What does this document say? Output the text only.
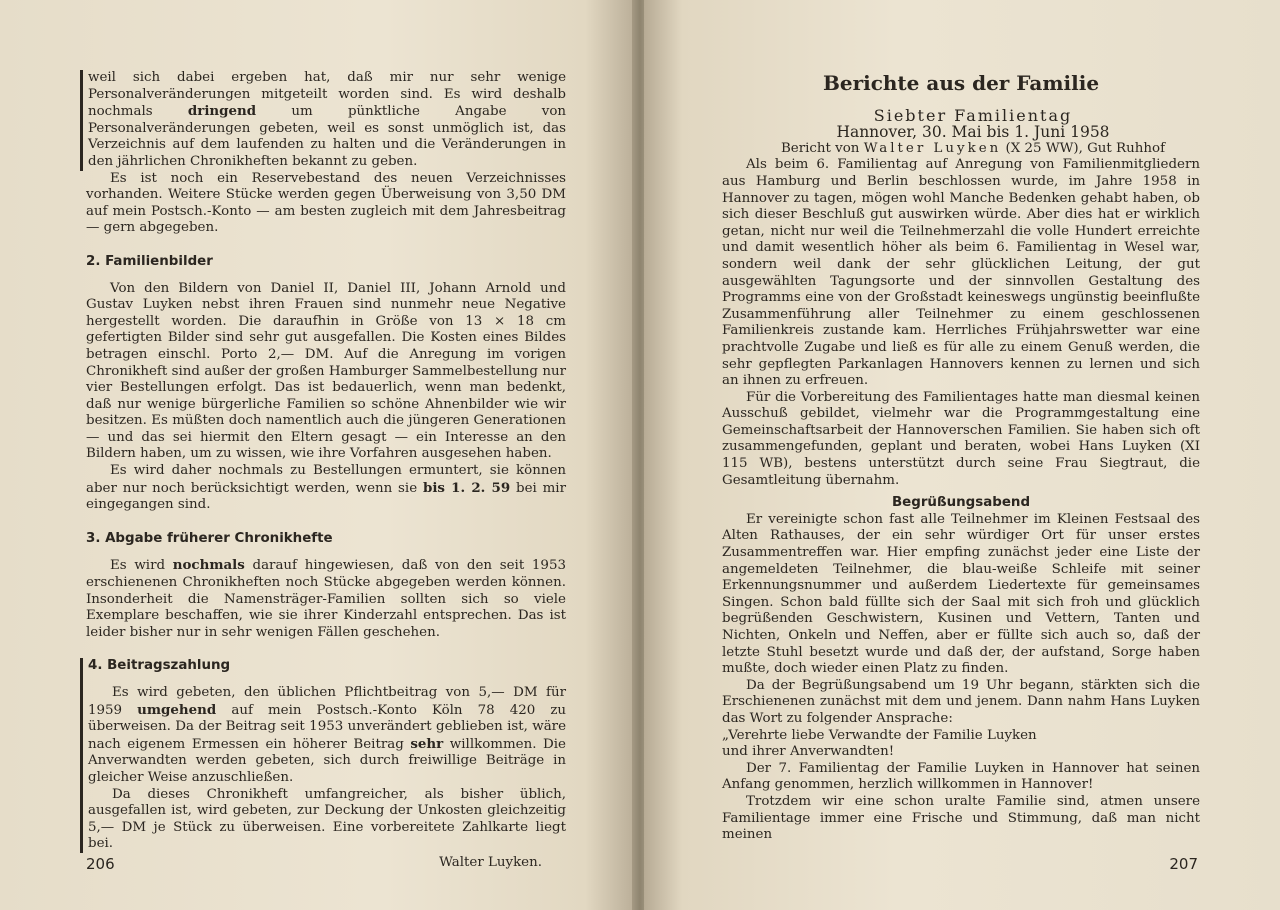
weil sich dabei ergeben hat, daß mir nur sehr wenige Personalveränderungen mitgeteilt worden sind. Es wird deshalb nochmals dringend um pünktliche Angabe von Personalveränderungen gebeten, weil es sonst unmöglich ist, das Verzeichnis auf dem laufenden zu halten und die Veränderungen in den jährlichen Chronikheften bekannt zu geben.

Es ist noch ein Reservebestand des neuen Verzeichnisses vorhanden. Weitere Stücke werden gegen Überweisung von 3,50 DM auf mein Postsch.-Konto — am besten zugleich mit dem Jahresbeitrag — gern abgegeben.

2. Familienbilder

Von den Bildern von Daniel II, Daniel III, Johann Arnold und Gustav Luyken nebst ihren Frauen sind nunmehr neue Negative hergestellt worden. Die daraufhin in Größe von 13 × 18 cm gefertigten Bilder sind sehr gut ausgefallen. Die Kosten eines Bildes betragen einschl. Porto 2,— DM. Auf die Anregung im vorigen Chronikheft sind außer der großen Hamburger Sammelbestellung nur vier Bestellungen erfolgt. Das ist bedauerlich, wenn man bedenkt, daß nur wenige bürgerliche Familien so schöne Ahnenbilder wie wir besitzen. Es müßten doch namentlich auch die jüngeren Generationen — und das sei hiermit den Eltern gesagt — ein Interesse an den Bildern haben, um zu wissen, wie ihre Vorfahren ausgesehen haben.

Es wird daher nochmals zu Bestellungen ermuntert, sie können aber nur noch berücksichtigt werden, wenn sie bis 1. 2. 59 bei mir eingegangen sind.

3. Abgabe früherer Chronikhefte

Es wird nochmals darauf hingewiesen, daß von den seit 1953 erschienenen Chronikheften noch Stücke abgegeben werden können. Insonderheit die Namensträger-Familien sollten sich so viele Exemplare beschaffen, wie sie ihrer Kinderzahl entsprechen. Das ist leider bisher nur in sehr wenigen Fällen geschehen.

4. Beitragszahlung

Es wird gebeten, den üblichen Pflichtbeitrag von 5,— DM für 1959 umgehend auf mein Postsch.-Konto Köln 78 420 zu überweisen. Da der Beitrag seit 1953 unverändert geblieben ist, wäre nach eigenem Ermessen ein höherer Beitrag sehr willkommen. Die Anverwandten werden gebeten, sich durch freiwillige Beiträge in gleicher Weise anzuschließen.

Da dieses Chronikheft umfangreicher, als bisher üblich, ausgefallen ist, wird gebeten, zur Deckung der Unkosten gleichzeitig 5,— DM je Stück zu überweisen. Eine vorbereitete Zahlkarte liegt bei.

Walter Luyken.
206
Berichte aus der Familie

Siebter Familientag

Hannover, 30. Mai bis 1. Juni 1958

Bericht von Walter Luyken (X 25 WW), Gut Ruhhof

Als beim 6. Familientag auf Anregung von Familienmitgliedern aus Hamburg und Berlin beschlossen wurde, im Jahre 1958 in Hannover zu tagen, mögen wohl Manche Bedenken gehabt haben, ob sich dieser Beschluß gut auswirken würde. Aber dies hat er wirklich getan, nicht nur weil die Teilnehmerzahl die volle Hundert erreichte und damit wesentlich höher als beim 6. Familientag in Wesel war, sondern weil dank der sehr glücklichen Leitung, der gut ausgewählten Tagungsorte und der sinnvollen Gestaltung des Programms eine von der Großstadt keineswegs ungünstig beeinflußte Zusammenführung aller Teilnehmer zu einem geschlossenen Familienkreis zustande kam. Herrliches Frühjahrswetter war eine prachtvolle Zugabe und ließ es für alle zu einem Genuß werden, die sehr gepflegten Parkanlagen Hannovers kennen zu lernen und sich an ihnen zu erfreuen.

Für die Vorbereitung des Familientages hatte man diesmal keinen Ausschuß gebildet, vielmehr war die Programmgestaltung eine Gemeinschaftsarbeit der Hannoverschen Familien. Sie haben sich oft zusammengefunden, geplant und beraten, wobei Hans Luyken (XI 115 WB), bestens unterstützt durch seine Frau Siegtraut, die Gesamtleitung übernahm.

Begrüßungsabend

Er vereinigte schon fast alle Teilnehmer im Kleinen Festsaal des Alten Rathauses, der ein sehr würdiger Ort für unser erstes Zusammentreffen war. Hier empfing zunächst jeder eine Liste der angemeldeten Teilnehmer, die blau-weiße Schleife mit seiner Erkennungsnummer und außerdem Liedertexte für gemeinsames Singen. Schon bald füllte sich der Saal mit sich froh und glücklich begrüßenden Geschwistern, Kusinen und Vettern, Tanten und Nichten, Onkeln und Neffen, aber er füllte sich auch so, daß der letzte Stuhl besetzt wurde und daß der, der aufstand, Sorge haben mußte, doch wieder einen Platz zu finden.

Da der Begrüßungsabend um 19 Uhr begann, stärkten sich die Erschienenen zunächst mit dem und jenem. Dann nahm Hans Luyken das Wort zu folgender Ansprache:

„Verehrte liebe Verwandte der Familie Luyken

und ihrer Anverwandten!

Der 7. Familientag der Familie Luyken in Hannover hat seinen Anfang genommen, herzlich willkommen in Hannover!

Trotzdem wir eine schon uralte Familie sind, atmen unsere Familientage immer eine Frische und Stimmung, daß man nicht meinen

207
